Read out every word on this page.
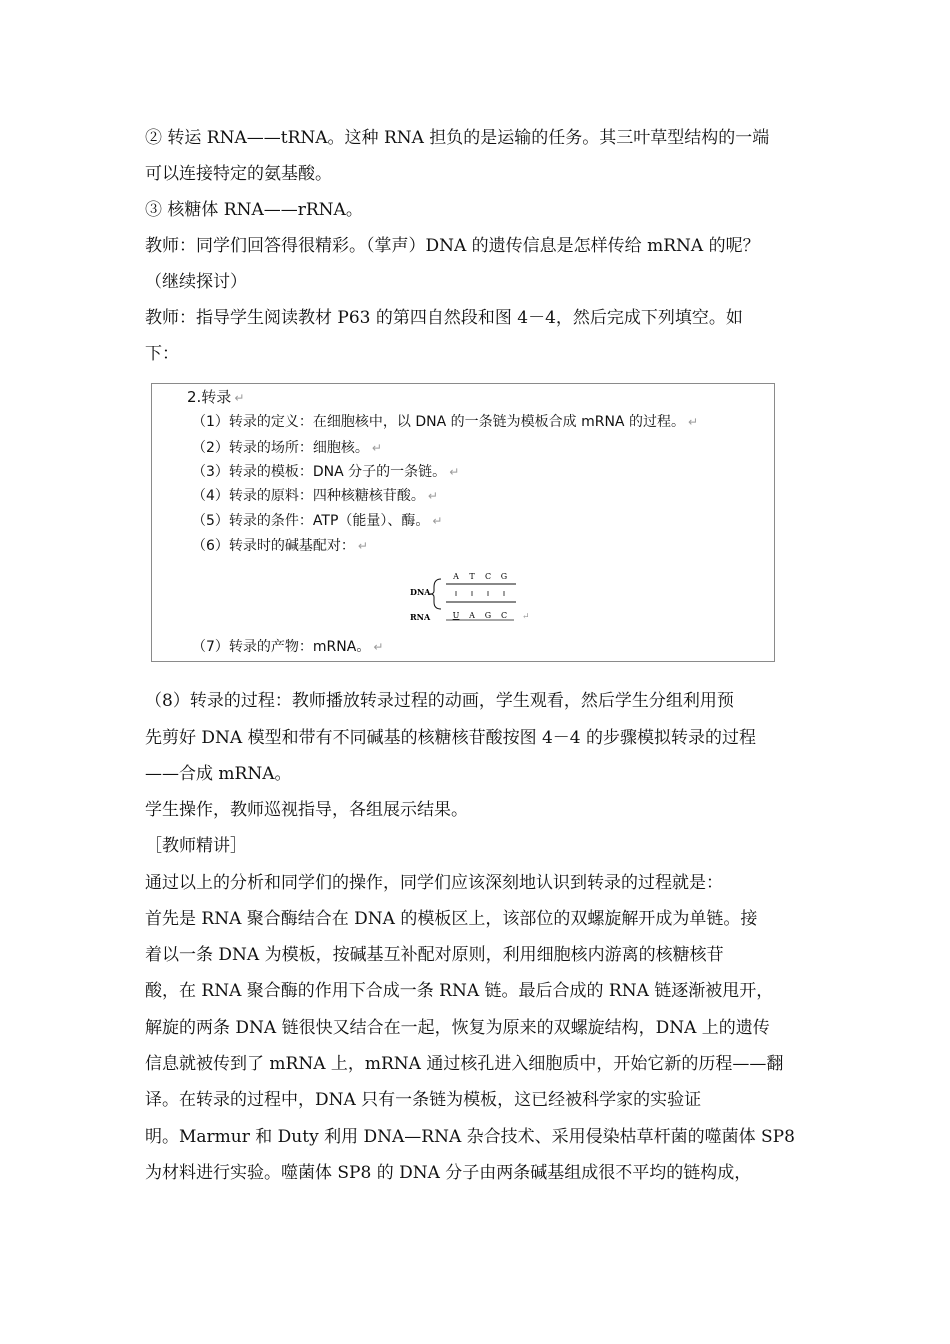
② 转运 RNA——tRNA。这种 RNA 担负的是运输的任务。其三叶草型结构的一端
可以连接特定的氨基酸。
③ 核糖体 RNA——rRNA。
教师：同学们回答得很精彩。（掌声）DNA 的遗传信息是怎样传给 mRNA 的呢？
（继续探讨）
教师：指导学生阅读教材 P63 的第四自然段和图 4－4，然后完成下列填空。如
下：
2.转录 ↵
（1）转录的定义：在细胞核中，以 DNA 的一条链为模板合成 mRNA 的过程。 ↵
（2）转录的场所：细胞核。 ↵
（3）转录的模板：DNA 分子的一条链。 ↵
（4）转录的原料：四种核糖核苷酸。 ↵
（5）转录的条件：ATP（能量）、酶。 ↵
（6）转录时的碱基配对： ↵
DNA
RNA
A T C G
U A G C ↵
（7）转录的产物：mRNA。 ↵
（8）转录的过程：教师播放转录过程的动画，学生观看，然后学生分组利用预
先剪好 DNA 模型和带有不同碱基的核糖核苷酸按图 4－4 的步骤模拟转录的过程
——合成 mRNA。
学生操作，教师巡视指导，各组展示结果。
［教师精讲］
通过以上的分析和同学们的操作，同学们应该深刻地认识到转录的过程就是：
首先是 RNA 聚合酶结合在 DNA 的模板区上，该部位的双螺旋解开成为单链。接
着以一条 DNA 为模板，按碱基互补配对原则，利用细胞核内游离的核糖核苷
酸，在 RNA 聚合酶的作用下合成一条 RNA 链。最后合成的 RNA 链逐渐被甩开，
解旋的两条 DNA 链很快又结合在一起，恢复为原来的双螺旋结构，DNA 上的遗传
信息就被传到了 mRNA 上，mRNA 通过核孔进入细胞质中，开始它新的历程——翻
译。在转录的过程中，DNA 只有一条链为模板，这已经被科学家的实验证
明。Marmur 和 Duty 利用 DNA—RNA 杂合技术、采用侵染枯草杆菌的噬菌体 SP8
为材料进行实验。噬菌体 SP8 的 DNA 分子由两条碱基组成很不平均的链构成，
